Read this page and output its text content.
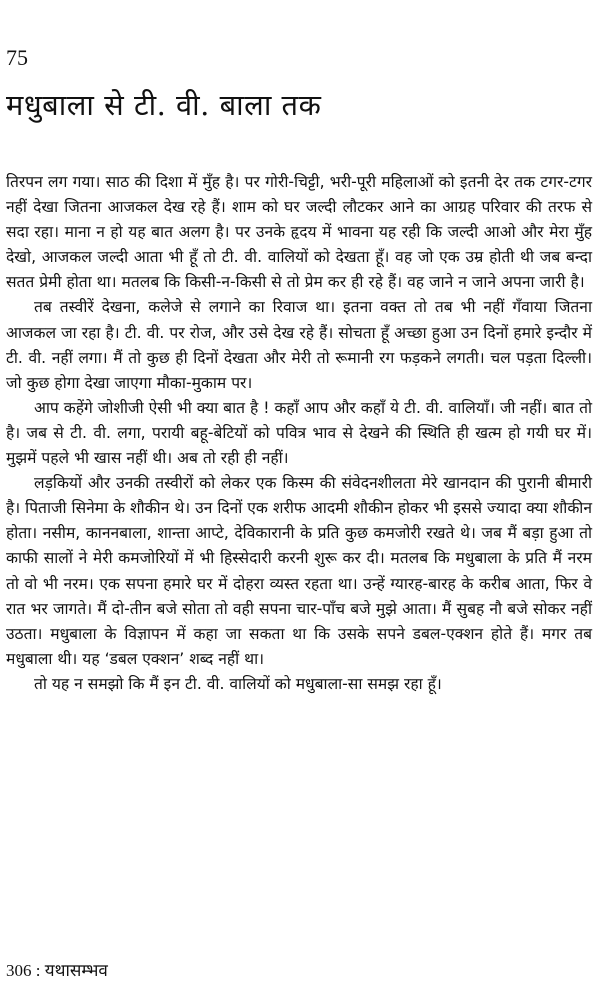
75
मधुबाला से टी. वी. बाला तक

तिरपन लग गया। साठ की दिशा में मुँह है। पर गोरी-चिट्टी, भरी-पूरी महिलाओं को इतनी देर तक टगर-टगर नहीं देखा जितना आजकल देख रहे हैं। शाम को घर जल्दी लौटकर आने का आग्रह परिवार की तरफ से सदा रहा। माना न हो यह बात अलग है। पर उनके हृदय में भावना यह रही कि जल्दी आओ और मेरा मुँह देखो, आजकल जल्दी आता भी हूँ तो टी. वी. वालियों को देखता हूँ। वह जो एक उम्र होती थी जब बन्दा सतत प्रेमी होता था। मतलब कि किसी-न-किसी से तो प्रेम कर ही रहे हैं। वह जाने न जाने अपना जारी है।

तब तस्वीरें देखना, कलेजे से लगाने का रिवाज था। इतना वक्त तो तब भी नहीं गँवाया जितना आजकल जा रहा है। टी. वी. पर रोज, और उसे देख रहे हैं। सोचता हूँ अच्छा हुआ उन दिनों हमारे इन्दौर में टी. वी. नहीं लगा। मैं तो कुछ ही दिनों देखता और मेरी तो रूमानी रग फड़कने लगती। चल पड़ता दिल्ली। जो कुछ होगा देखा जाएगा मौका-मुकाम पर।

आप कहेंगे जोशीजी ऐसी भी क्या बात है ! कहाँ आप और कहाँ ये टी. वी. वालियाँ। जी नहीं। बात तो है। जब से टी. वी. लगा, परायी बहू-बेटियों को पवित्र भाव से देखने की स्थिति ही खत्म हो गयी घर में। मुझमें पहले भी खास नहीं थी। अब तो रही ही नहीं।

लड़कियों और उनकी तस्वीरों को लेकर एक किस्म की संवेदनशीलता मेरे खानदान की पुरानी बीमारी है। पिताजी सिनेमा के शौकीन थे। उन दिनों एक शरीफ आदमी शौकीन होकर भी इससे ज्यादा क्या शौकीन होता। नसीम, काननबाला, शान्ता आप्टे, देविकारानी के प्रति कुछ कमजोरी रखते थे। जब मैं बड़ा हुआ तो काफी सालों ने मेरी कमजोरियों में भी हिस्सेदारी करनी शुरू कर दी। मतलब कि मधुबाला के प्रति मैं नरम तो वो भी नरम। एक सपना हमारे घर में दोहरा व्यस्त रहता था। उन्हें ग्यारह-बारह के करीब आता, फिर वे रात भर जागते। मैं दो-तीन बजे सोता तो वही सपना चार-पाँच बजे मुझे आता। मैं सुबह नौ बजे सोकर नहीं उठता। मधुबाला के विज्ञापन में कहा जा सकता था कि उसके सपने डबल-एक्शन होते हैं। मगर तब मधुबाला थी। यह ‘डबल एक्शन’ शब्द नहीं था।

तो यह न समझो कि मैं इन टी. वी. वालियों को मधुबाला-सा समझ रहा हूँ।

306 : यथासम्भव
